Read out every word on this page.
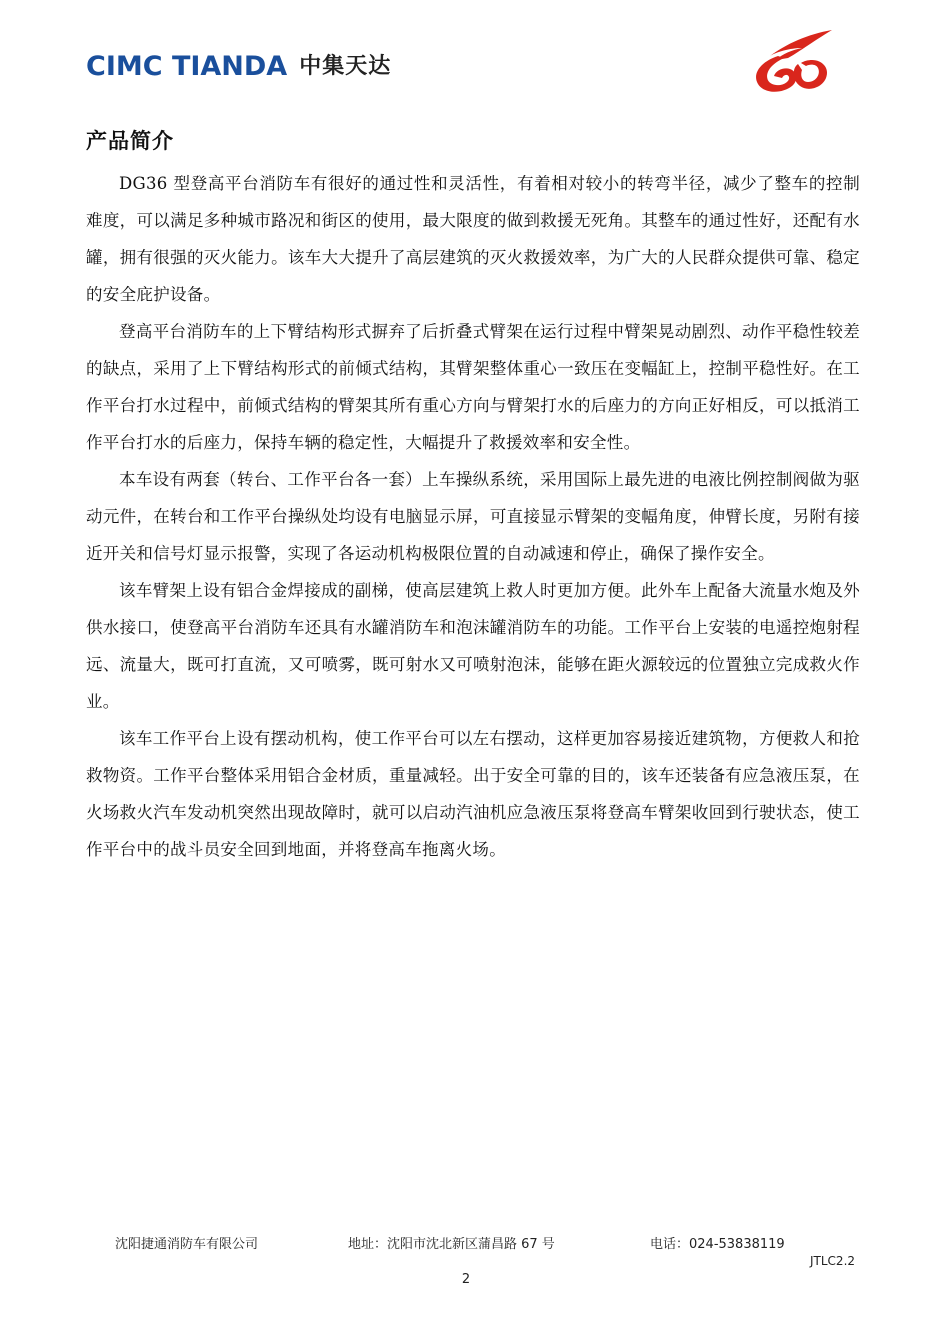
CIMC TIANDA 中集天达
产品简介

DG36 型登高平台消防车有很好的通过性和灵活性，有着相对较小的转弯半径，减少了整车的控制难度，可以满足多种城市路况和街区的使用，最大限度的做到救援无死角。其整车的通过性好，还配有水罐，拥有很强的灭火能力。该车大大提升了高层建筑的灭火救援效率，为广大的人民群众提供可靠、稳定的安全庇护设备。

登高平台消防车的上下臂结构形式摒弃了后折叠式臂架在运行过程中臂架晃动剧烈、动作平稳性较差的缺点，采用了上下臂结构形式的前倾式结构，其臂架整体重心一致压在变幅缸上，控制平稳性好。在工作平台打水过程中，前倾式结构的臂架其所有重心方向与臂架打水的后座力的方向正好相反，可以抵消工作平台打水的后座力，保持车辆的稳定性，大幅提升了救援效率和安全性。

本车设有两套（转台、工作平台各一套）上车操纵系统，采用国际上最先进的电液比例控制阀做为驱动元件，在转台和工作平台操纵处均设有电脑显示屏，可直接显示臂架的变幅角度，伸臂长度，另附有接近开关和信号灯显示报警，实现了各运动机构极限位置的自动减速和停止，确保了操作安全。

该车臂架上设有铝合金焊接成的副梯，使高层建筑上救人时更加方便。此外车上配备大流量水炮及外供水接口，使登高平台消防车还具有水罐消防车和泡沫罐消防车的功能。工作平台上安装的电遥控炮射程远、流量大，既可打直流，又可喷雾，既可射水又可喷射泡沫，能够在距火源较远的位置独立完成救火作业。

该车工作平台上设有摆动机构，使工作平台可以左右摆动，这样更加容易接近建筑物，方便救人和抢救物资。工作平台整体采用铝合金材质，重量减轻。出于安全可靠的目的，该车还装备有应急液压泵，在火场救火汽车发动机突然出现故障时，就可以启动汽油机应急液压泵将登高车臂架收回到行驶状态，使工作平台中的战斗员安全回到地面，并将登高车拖离火场。

沈阳捷通消防车有限公司	地址：沈阳市沈北新区蒲昌路 67 号	电话：024-53838119
JTLC2.2
2
